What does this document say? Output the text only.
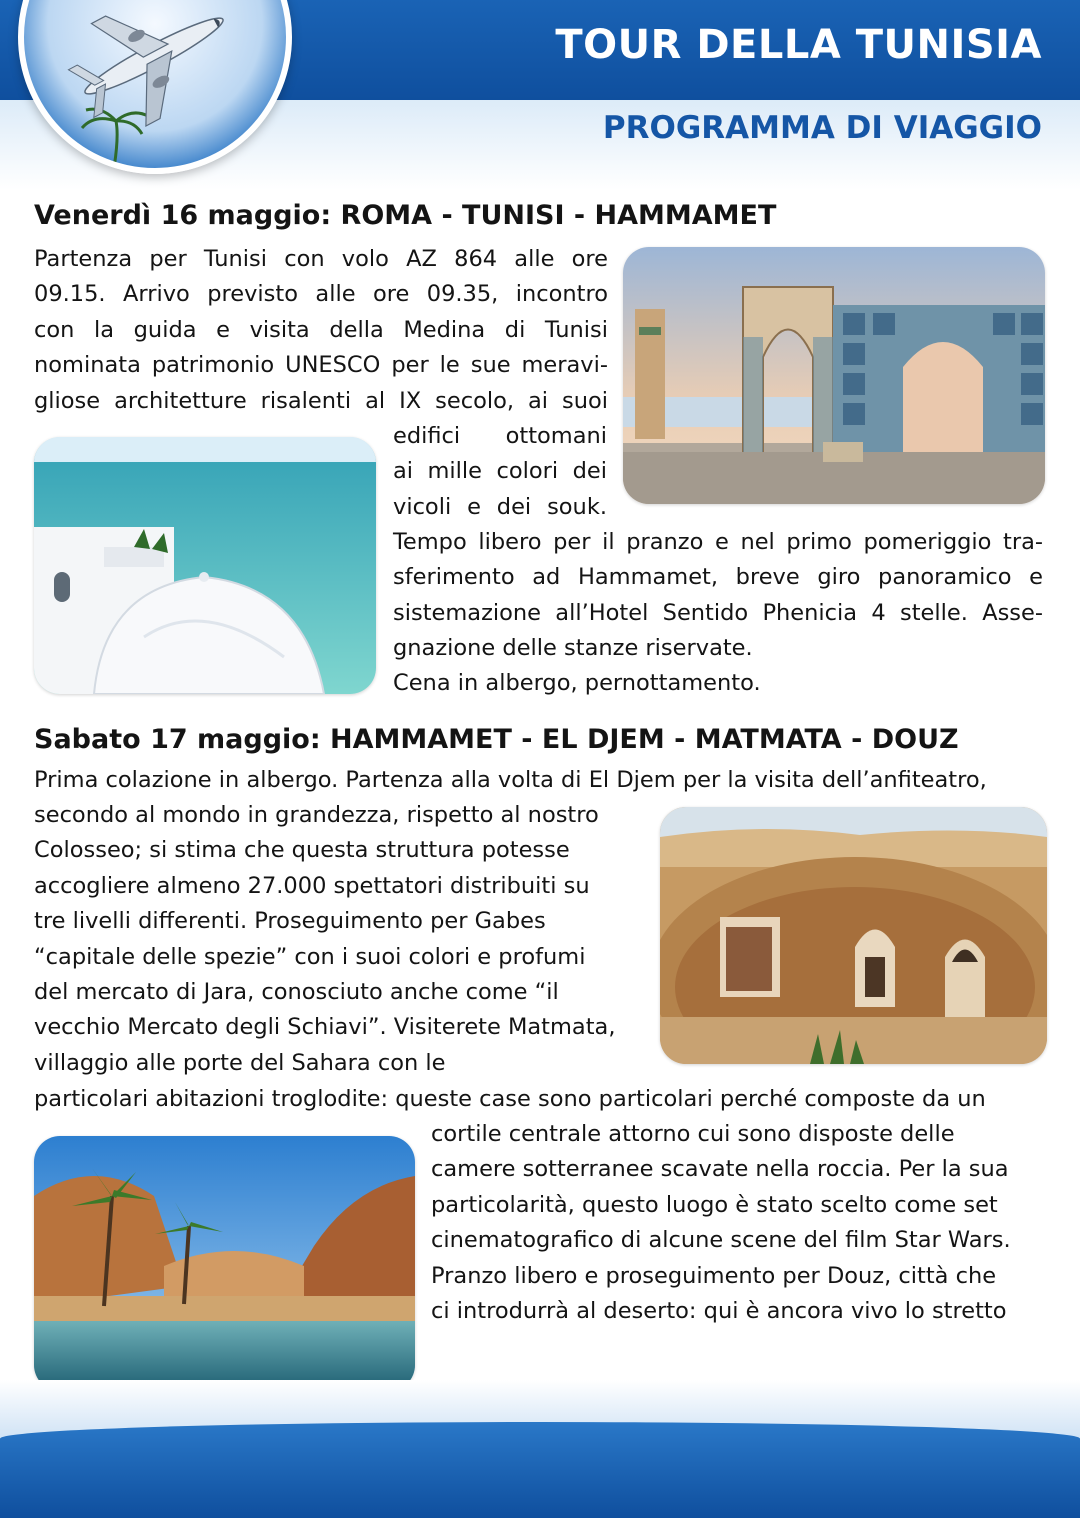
TOUR DELLA TUNISIA
PROGRAMMA DI VIAGGIO
Venerdì 16 maggio: ROMA - TUNISI - HAMMAMET
Partenza per Tunisi con volo AZ 864 alle ore
09.15. Arrivo previsto alle ore 09.35, incontro
con la guida e visita della Medina di Tunisi
nominata patrimonio UNESCO per le sue meravi-
gliose architetture risalenti al IX secolo, ai suoi
edifici ottomani
ai mille colori dei
vicoli e dei souk.
Tempo libero per il pranzo e nel primo pomeriggio tra-
sferimento ad Hammamet, breve giro panoramico e
sistemazione all’Hotel Sentido Phenicia 4 stelle. Asse-
gnazione delle stanze riservate.
Cena in albergo, pernottamento.
Sabato 17 maggio: HAMMAMET - EL DJEM - MATMATA - DOUZ
Prima colazione in albergo. Partenza alla volta di El Djem per la visita dell’anfiteatro,
secondo al mondo in grandezza, rispetto al nostro
Colosseo; si stima che questa struttura potesse
accogliere almeno 27.000 spettatori distribuiti su
tre livelli differenti. Proseguimento per Gabes
“capitale delle spezie” con i suoi colori e profumi
del mercato di Jara, conosciuto anche come “il
vecchio Mercato degli Schiavi”. Visiterete Matmata,
villaggio alle porte del Sahara con le
particolari abitazioni troglodite: queste case sono particolari perché composte da un
cortile centrale attorno cui sono disposte delle
camere sotterranee scavate nella roccia. Per la sua
particolarità, questo luogo è stato scelto come set
cinematografico di alcune scene del film Star Wars.
Pranzo libero e proseguimento per Douz, città che
ci introdurrà al deserto: qui è ancora vivo lo stretto
